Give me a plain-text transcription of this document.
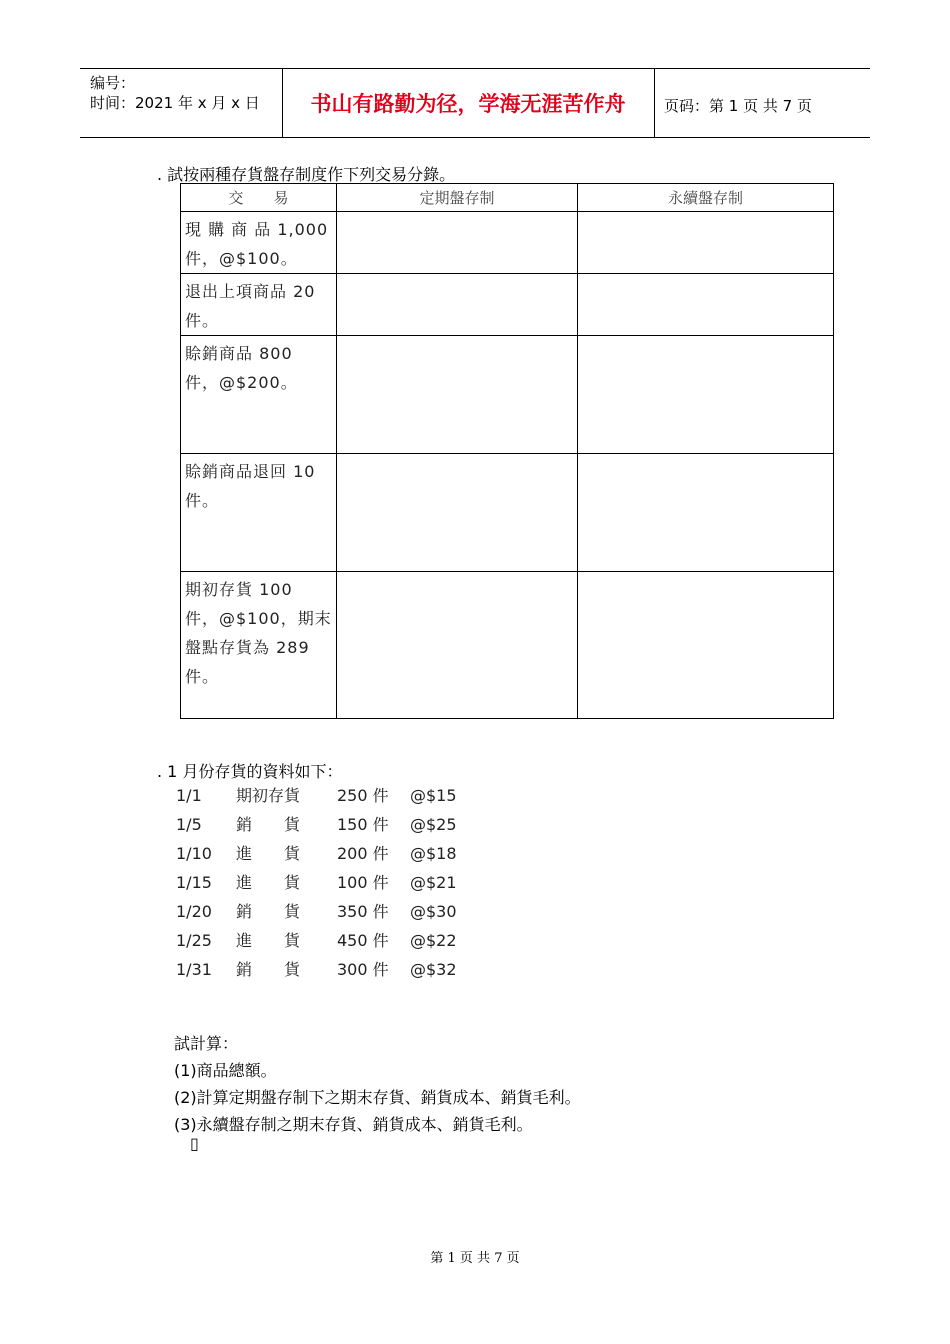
编号：
时间：2021 年 x 月 x 日	书山有路勤为径，学海无涯苦作舟	页码：第 1 页 共 7 页
. 試按兩種存貨盤存制度作下列交易分錄。
交　　易	定期盤存制	永續盤存制

現 購 商 品 1,000 件，@$100。		

退出上項商品 20 件。		

賒銷商品 800 件，@$200。		

賒銷商品退回 10 件。		

期初存貨 100 件，@$100，期末盤點存貨為 289 件。		

. 1 月份存貨的資料如下：
1/1 期初存貨 250 件 @$15
1/5 銷　　貨 150 件 @$25
1/10 進　　貨 200 件 @$18
1/15 進　　貨 100 件 @$21
1/20 銷　　貨 350 件 @$30
1/25 進　　貨 450 件 @$22
1/31 銷　　貨 300 件 @$32
試計算：
(1)商品總額。
(2)計算定期盤存制下之期末存貨、銷貨成本、銷貨毛利。
(3)永續盤存制之期末存貨、銷貨成本、銷貨毛利。
▯
第 1 页 共 7 页
